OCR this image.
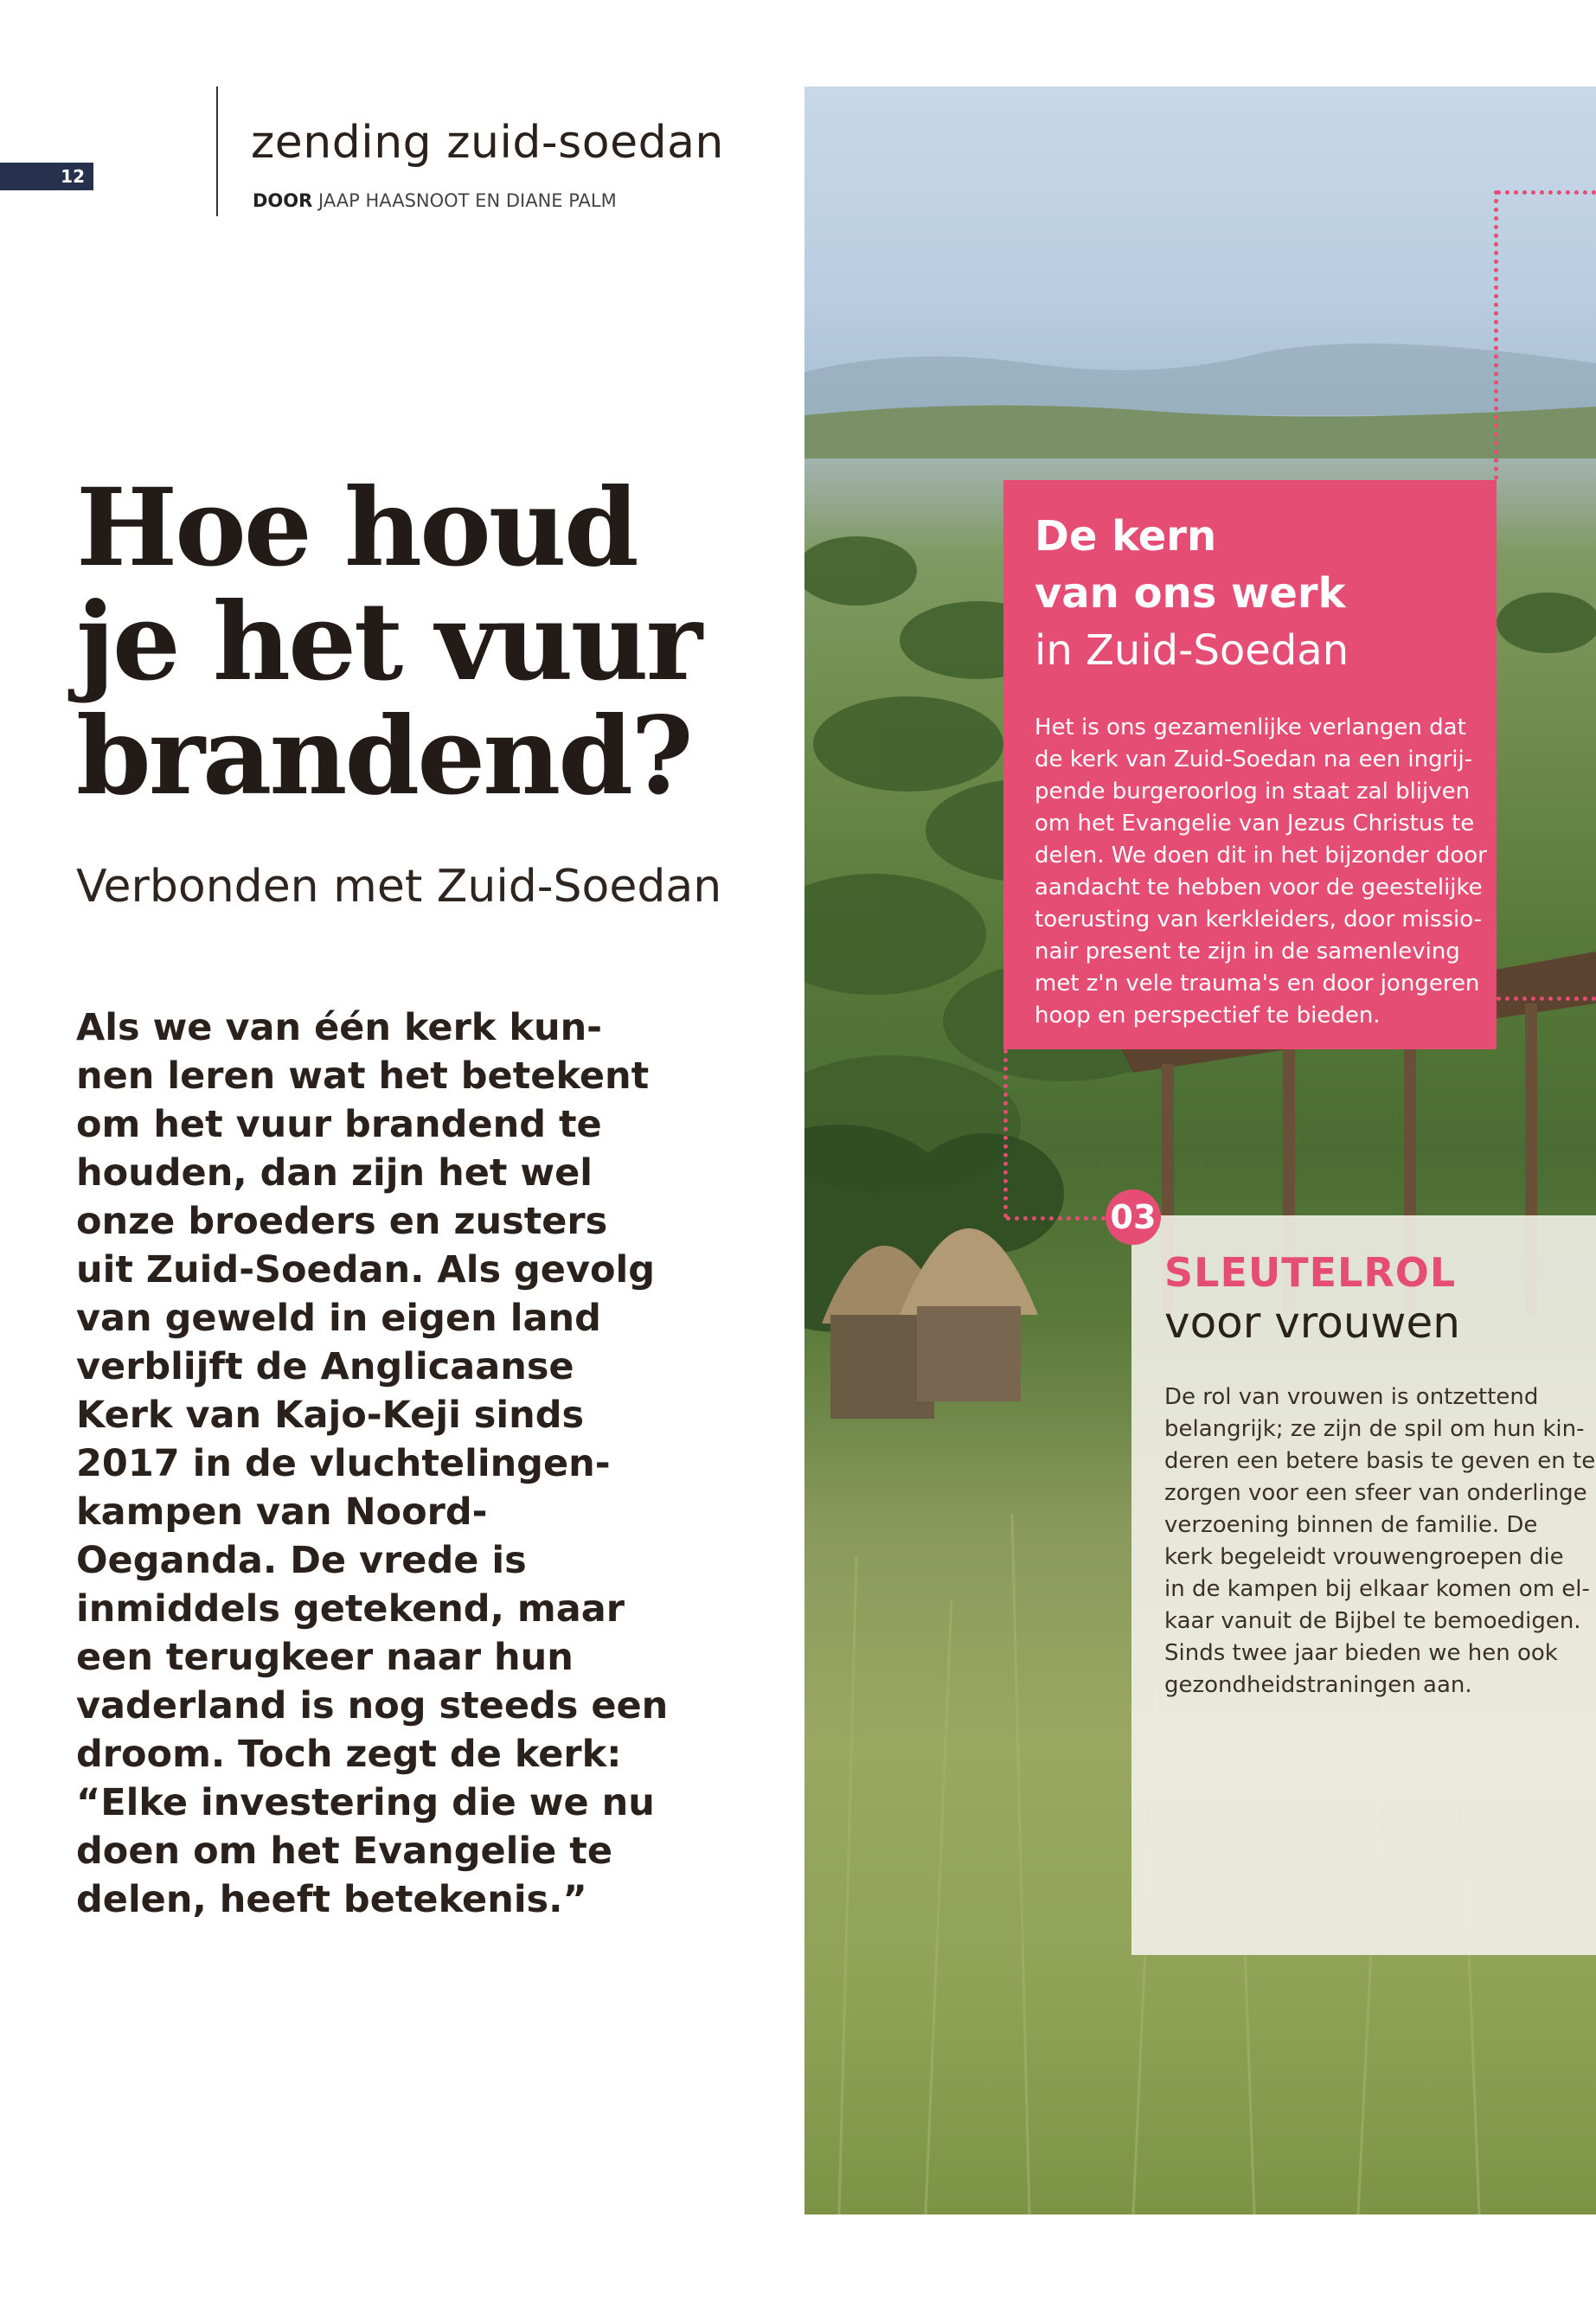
12
zending zuid-soedan
DOOR JAAP HAASNOOT EN DIANE PALM
Hoe houd
je het vuur
brandend?
Verbonden met Zuid-Soedan
Als we van één kerk kun-
nen leren wat het betekent
om het vuur brandend te
houden, dan zijn het wel
onze broeders en zusters
uit Zuid-Soedan. Als gevolg
van geweld in eigen land
verblijft de Anglicaanse
Kerk van Kajo-Keji sinds
2017 in de vluchtelingen-
kampen van Noord-
Oeganda. De vrede is
inmiddels getekend, maar
een terugkeer naar hun
vaderland is nog steeds een
droom. Toch zegt de kerk:
“Elke investering die we nu
doen om het Evangelie te
delen, heeft betekenis.”
De kern
van ons werk
in Zuid-Soedan
Het is ons gezamenlijke verlangen dat
de kerk van Zuid-Soedan na een ingrij-
pende burgeroorlog in staat zal blijven
om het Evangelie van Jezus Christus te
delen. We doen dit in het bijzonder door
aandacht te hebben voor de geestelijke
toerusting van kerkleiders, door missio-
nair present te zijn in de samenleving
met z'n vele trauma's en door jongeren
hoop en perspectief te bieden.
SLEUTELROL
voor vrouwen
De rol van vrouwen is ontzettend
belangrijk; ze zijn de spil om hun kin-
deren een betere basis te geven en te
zorgen voor een sfeer van onderlinge
verzoening binnen de familie. De
kerk begeleidt vrouwengroepen die
in de kampen bij elkaar komen om el-
kaar vanuit de Bijbel te bemoedigen.
Sinds twee jaar bieden we hen ook
gezondheidstraningen aan.
03
